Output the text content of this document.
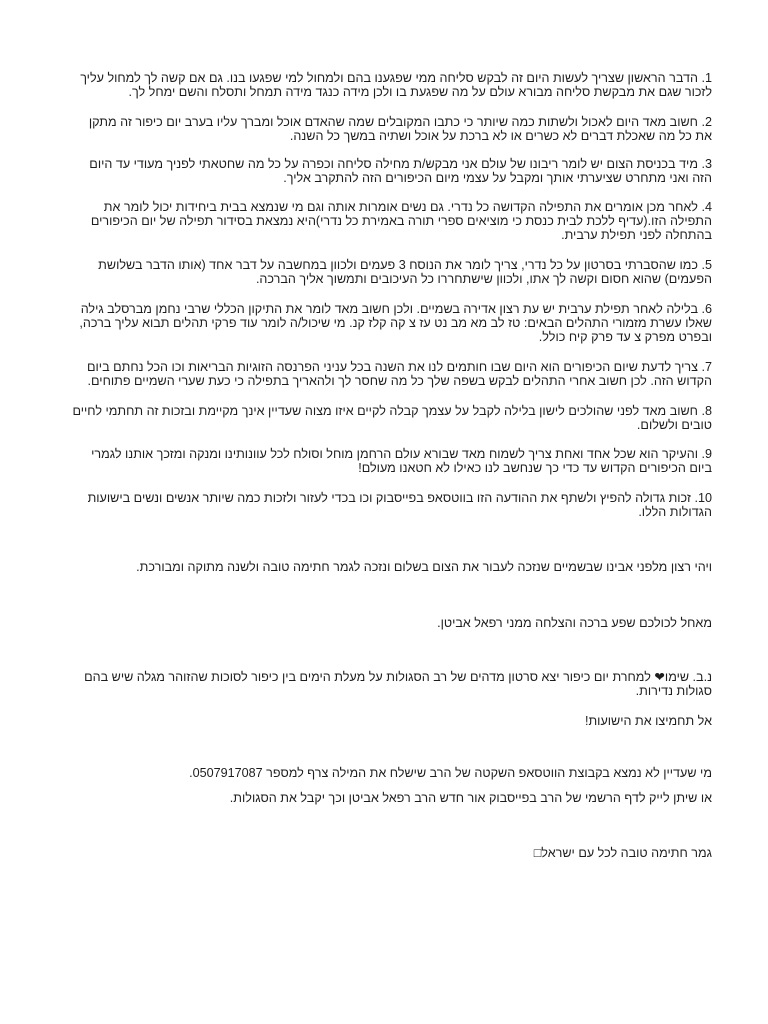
1. הדבר הראשון שצריך לעשות היום זה לבקש סליחה ממי שפגענו בהם ולמחול למי שפגעו בנו. גם אם קשה לך למחול עליך
לזכור שגם את מבקשת סליחה מבורא עולם על מה שפגעת בו ולכן מידה כנגד מידה תמחל ותסלח והשם ימחל לך.
2. חשוב מאד היום לאכול ולשתות כמה שיותר כי כתבו המקובלים שמה שהאדם אוכל ומברך עליו בערב יום כיפור זה מתקן
את כל מה שאכלת דברים לא כשרים או לא ברכת על אוכל ושתיה במשך כל השנה.
3. מיד בכניסת הצום יש לומר ריבונו של עולם אני מבקש/ת מחילה סליחה וכפרה על כל מה שחטאתי לפניך מעודי עד היום
הזה ואני מתחרט שציערתי אותך ומקבל על עצמי מיום הכיפורים הזה להתקרב אליך.
4. לאחר מכן אומרים את התפילה הקדושה כל נדרי. גם נשים אומרות אותה וגם מי שנמצא בבית ביחידות יכול לומר את
התפילה הזו.(עדיף ללכת לבית כנסת כי מוציאים ספרי תורה באמירת כל נדרי)היא נמצאת בסידור תפילה של יום הכיפורים
בהתחלה לפני תפילת ערבית.
5. כמו שהסברתי בסרטון על כל נדרי, צריך לומר את הנוסח 3 פעמים ולכוון במחשבה על דבר אחד (אותו הדבר בשלושת
הפעמים) שהוא חסום וקשה לך אתו, ולכוון שישתחררו כל העיכובים ותמשוך אליך הברכה.
6. בלילה לאחר תפילת ערבית יש עת רצון אדירה בשמיים. ולכן חשוב מאד לומר את התיקון הכללי שרבי נחמן מברסלב גילה
שאלו עשרת מזמורי התהלים הבאים: טז לב מא מב נט עז צ קה קלז קנ. מי שיכול/ה לומר עוד פרקי תהלים תבוא עליך ברכה,
ובפרט מפרק צ עד פרק קיח כולל.
7. צריך לדעת שיום הכיפורים הוא היום שבו חותמים לנו את השנה בכל עניני הפרנסה הזוגיות הבריאות וכו הכל נחתם ביום
הקדוש הזה. לכן חשוב אחרי התהלים לבקש בשפה שלך כל מה שחסר לך ולהאריך בתפילה כי כעת שערי השמיים פתוחים.
8. חשוב מאד לפני שהולכים לישון בלילה לקבל על עצמך קבלה לקיים איזו מצוה שעדיין אינך מקיימת ובזכות זה תחתמי לחיים
טובים ולשלום.
9. והעיקר הוא שכל אחד ואחת צריך לשמוח מאד שבורא עולם הרחמן מוחל וסולח לכל עוונותינו ומנקה ומזכך אותנו לגמרי
ביום הכיפורים הקדוש עד כדי כך שנחשב לנו כאילו לא חטאנו מעולם!
10. זכות גדולה להפיץ ולשתף את ההודעה הזו בווטסאפ בפייסבוק וכו בכדי לעזור ולזכות כמה שיותר אנשים ונשים בישועות
הגדולות הללו.
ויהי רצון מלפני אבינו שבשמיים שנזכה לעבור את הצום בשלום ונזכה לגמר חתימה טובה ולשנה מתוקה ומבורכת.
מאחל לכולכם שפע ברכה והצלחה ממני רפאל אביטן.
נ.ב. שימו❤ למחרת יום כיפור יצא סרטון מדהים של רב הסגולות על מעלת הימים בין כיפור לסוכות שהזוהר מגלה שיש בהם
סגולות נדירות.
אל תחמיצו את הישועות!
מי שעדיין לא נמצא בקבוצת הווטסאפ השקטה של הרב שישלח את המילה צרף למספר 0507917087.
או שיתן לייק לדף הרשמי של הרב בפייסבוק אור חדש הרב רפאל אביטן וכך יקבל את הסגולות.
גמר חתימה טובה לכל עם ישראל□
